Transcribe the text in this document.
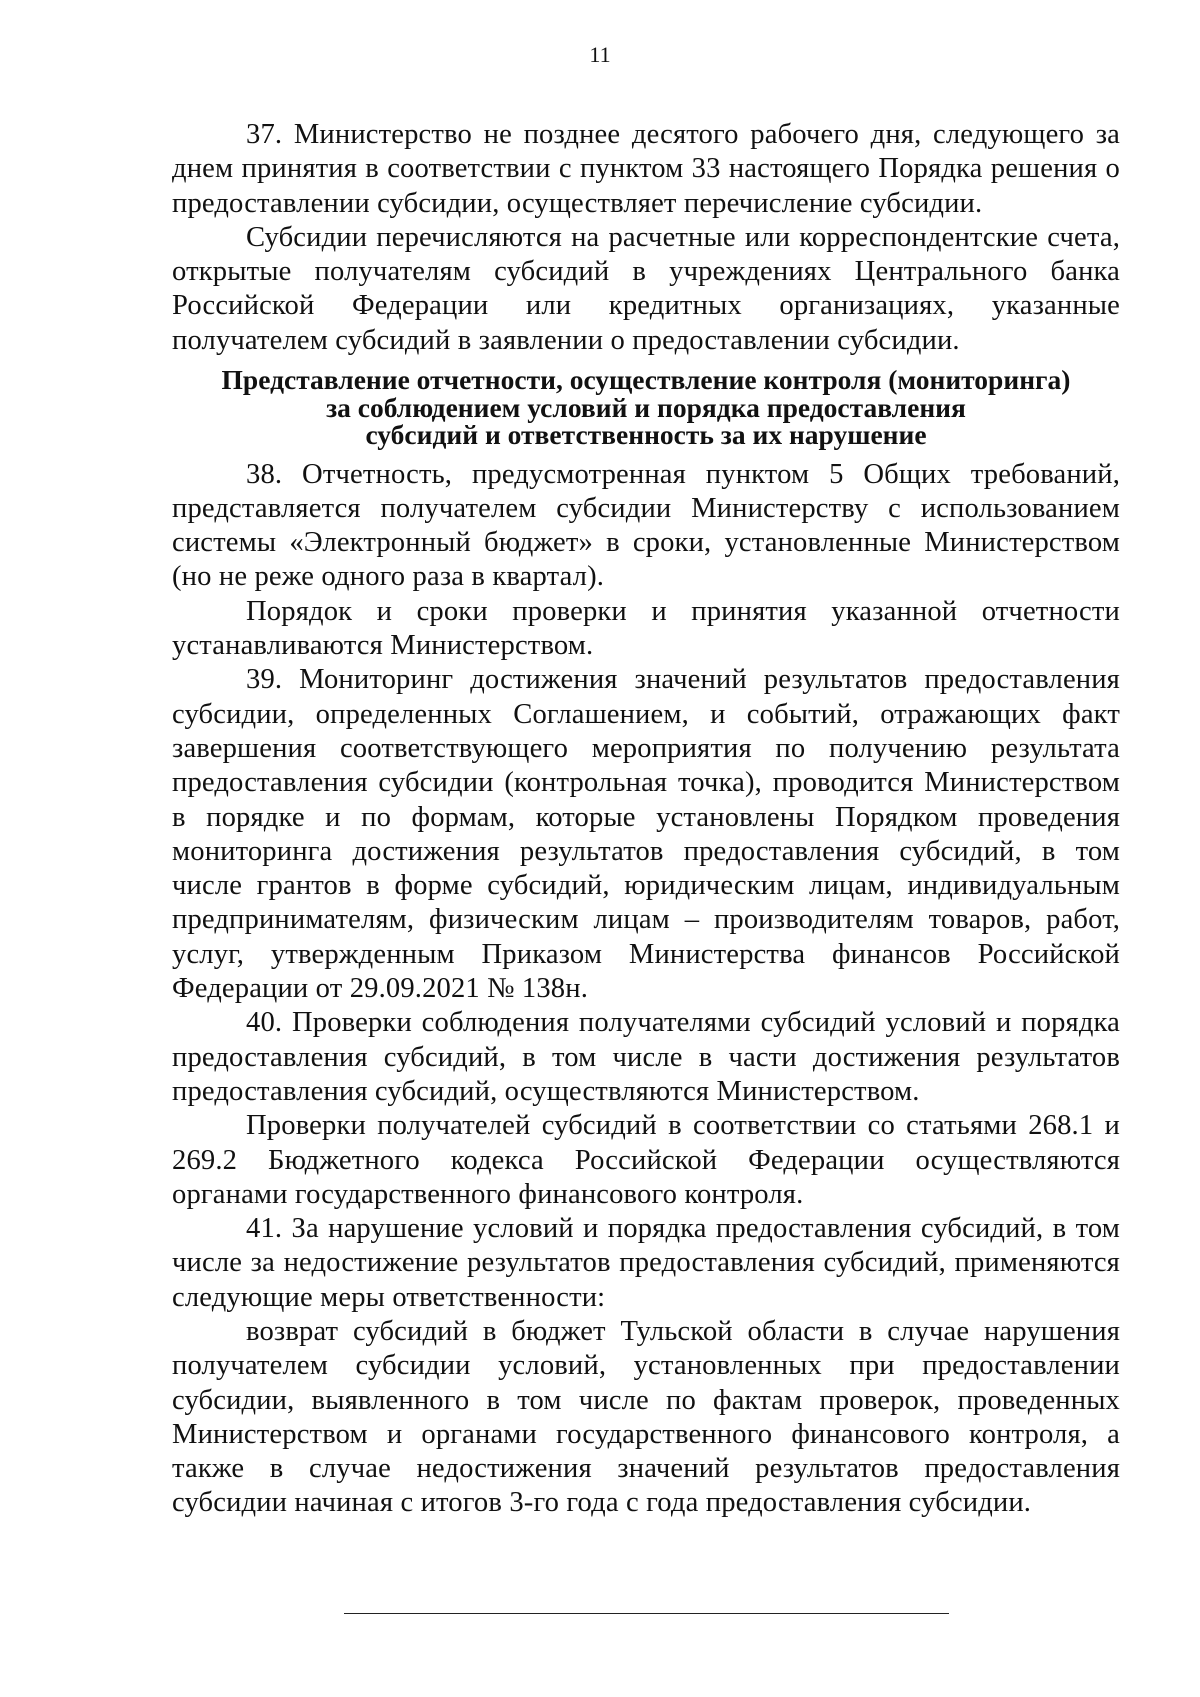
11

37. Министерство не позднее десятого рабочего дня, следующего за днем принятия в соответствии с пунктом 33 настоящего Порядка решения о предоставлении субсидии, осуществляет перечисление субсидии.

Субсидии перечисляются на расчетные или корреспондентские счета, открытые получателям субсидий в учреждениях Центрального банка Российской Федерации или кредитных организациях, указанные получателем субсидий в заявлении о предоставлении субсидии.

Представление отчетности, осуществление контроля (мониторинга)
за соблюдением условий и порядка предоставления
субсидий и ответственность за их нарушение

38. Отчетность, предусмотренная пунктом 5 Общих требований, представляется получателем субсидии Министерству с использованием системы «Электронный бюджет» в сроки, установленные Министерством (но не реже одного раза в квартал).

Порядок и сроки проверки и принятия указанной отчетности устанавливаются Министерством.

39. Мониторинг достижения значений результатов предоставления субсидии, определенных Соглашением, и событий, отражающих факт завершения соответствующего мероприятия по получению результата предоставления субсидии (контрольная точка), проводится Министерством в порядке и по формам, которые установлены Порядком проведения мониторинга достижения результатов предоставления субсидий, в том числе грантов в форме субсидий, юридическим лицам, индивидуальным предпринимателям, физическим лицам – производителям товаров, работ, услуг, утвержденным Приказом Министерства финансов Российской Федерации от 29.09.2021 № 138н.

40. Проверки соблюдения получателями субсидий условий и порядка предоставления субсидий, в том числе в части достижения результатов предоставления субсидий, осуществляются Министерством.

Проверки получателей субсидий в соответствии со статьями 268.1 и 269.2 Бюджетного кодекса Российской Федерации осуществляются органами государственного финансового контроля.

41. За нарушение условий и порядка предоставления субсидий, в том числе за недостижение результатов предоставления субсидий, применяются следующие меры ответственности:

возврат субсидий в бюджет Тульской области в случае нарушения получателем субсидии условий, установленных при предоставлении субсидии, выявленного в том числе по фактам проверок, проведенных Министерством и органами государственного финансового контроля, а также в случае недостижения значений результатов предоставления субсидии начиная с итогов 3-го года с года предоставления субсидии.
